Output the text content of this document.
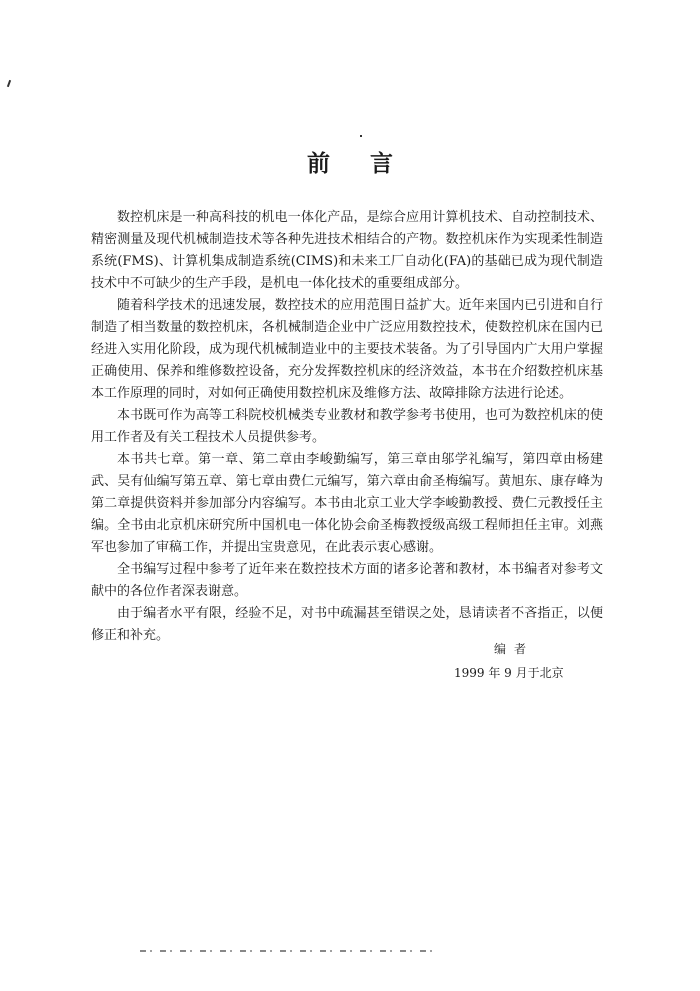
前言

数控机床是一种高科技的机电一体化产品，是综合应用计算机技术、自动控制技术、精密测量及现代机械制造技术等各种先进技术相结合的产物。数控机床作为实现柔性制造系统(FMS)、计算机集成制造系统(CIMS)和未来工厂自动化(FA)的基础已成为现代制造技术中不可缺少的生产手段，是机电一体化技术的重要组成部分。

随着科学技术的迅速发展，数控技术的应用范围日益扩大。近年来国内已引进和自行制造了相当数量的数控机床，各机械制造企业中广泛应用数控技术，使数控机床在国内已经进入实用化阶段，成为现代机械制造业中的主要技术装备。为了引导国内广大用户掌握正确使用、保养和维修数控设备，充分发挥数控机床的经济效益，本书在介绍数控机床基本工作原理的同时，对如何正确使用数控机床及维修方法、故障排除方法进行论述。

本书既可作为高等工科院校机械类专业教材和教学参考书使用，也可为数控机床的使用工作者及有关工程技术人员提供参考。

本书共七章。第一章、第二章由李峻勤编写，第三章由邬学礼编写，第四章由杨建武、吴有仙编写第五章、第七章由费仁元编写，第六章由俞圣梅编写。黄旭东、康存峰为第二章提供资料并参加部分内容编写。本书由北京工业大学李峻勤教授、费仁元教授任主编。全书由北京机床研究所中国机电一体化协会俞圣梅教授级高级工程师担任主审。刘燕军也参加了审稿工作，并提出宝贵意见，在此表示衷心感谢。

全书编写过程中参考了近年来在数控技术方面的诸多论著和教材，本书编者对参考文献中的各位作者深表谢意。

由于编者水平有限，经验不足，对书中疏漏甚至错误之处，恳请读者不吝指正，以便修正和补充。

编者
1999 年 9 月于北京
